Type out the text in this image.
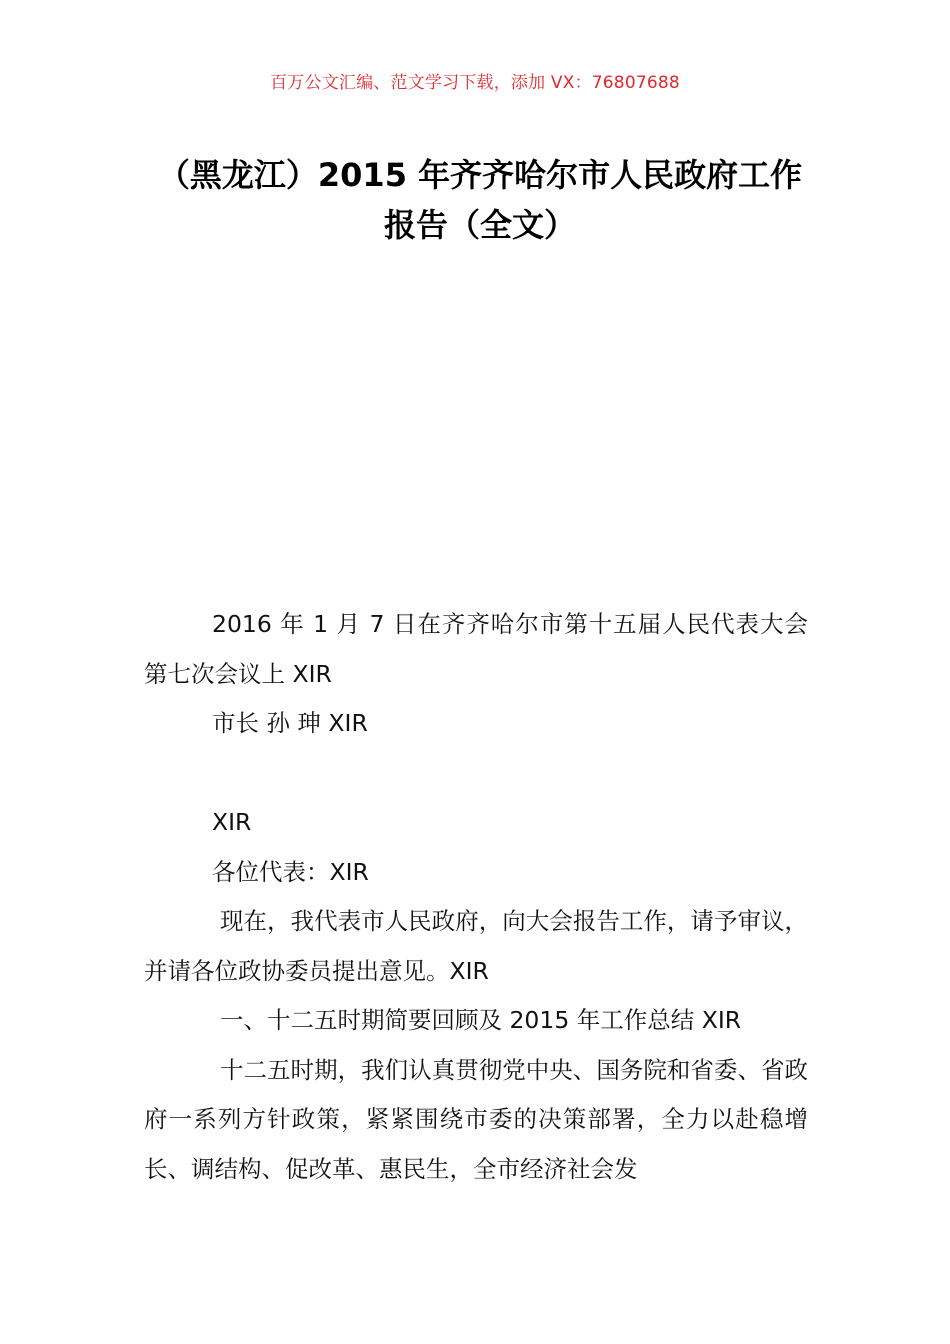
百万公文汇编、范文学习下载，添加 VX：76807688
（黑龙江）2015 年齐齐哈尔市人民政府工作报告（全文）

2016 年 1 月 7 日在齐齐哈尔市第十五届人民代表大会第七次会议上 XIR

市长 孙 珅 XIR

XIR

各位代表：XIR

现在，我代表市人民政府，向大会报告工作，请予审议，并请各位政协委员提出意见。XIR

一、十二五时期简要回顾及 2015 年工作总结 XIR

十二五时期，我们认真贯彻党中央、国务院和省委、省政府一系列方针政策，紧紧围绕市委的决策部署，全力以赴稳增长、调结构、促改革、惠民生，全市经济社会发
